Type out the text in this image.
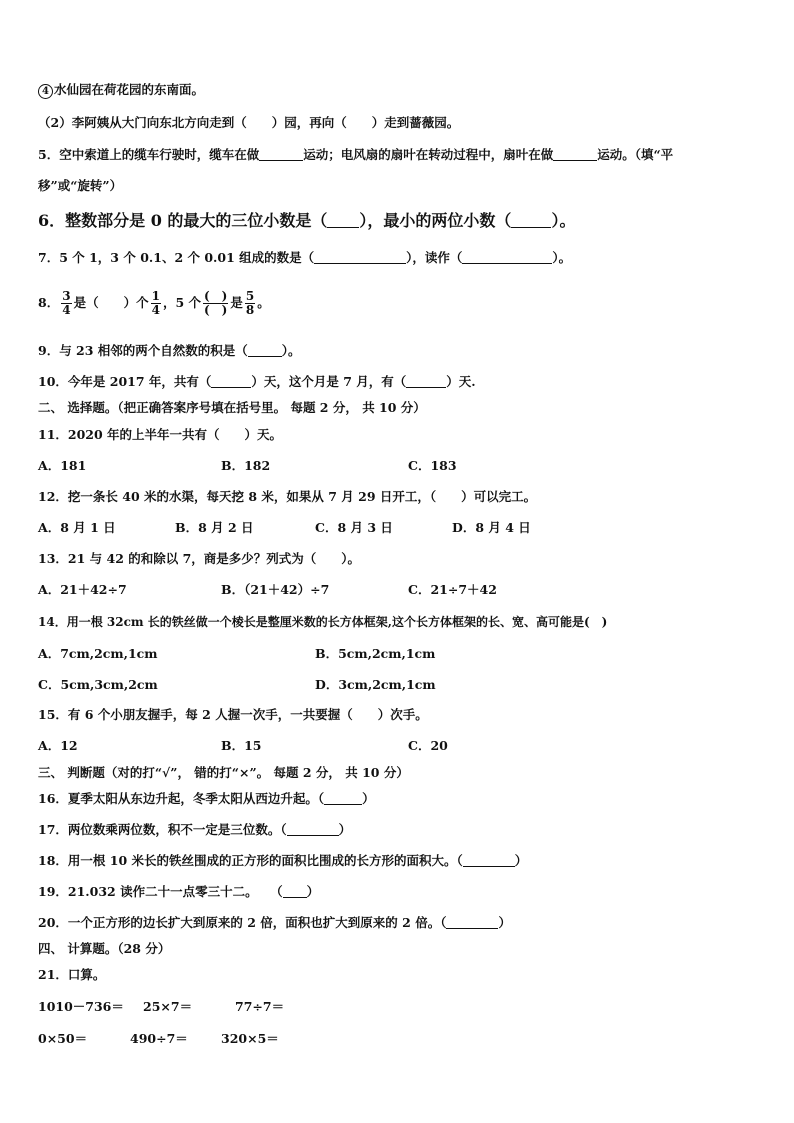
4 水仙园在荷花园的东南面。
（2）李阿姨从大门向东北方向走到（　　）园，再向（　　）走到蔷薇园。
5．空中索道上的缆车行驶时，缆车在做	运动；电风扇的扇叶在转动过程中，扇叶在做	运动。（填“平
移”或“旋转”）
6．整数部分是 0 的最大的三位小数是（ ），最小的两位小数（	）。
7．5 个 1，3 个 0.1、2 个 0.01 组成的数是（	），读作（	）。
8． $\frac{3}{4}$ 是（　　）个 $\frac{1}{4}$ ，5 个 $\frac{( )}{( )}$ 是 $\frac{5}{8}$ 。
9．与 23 相邻的两个自然数的积是（	）。
10．今年是 2017 年，共有（	）天，这个月是 7 月，有（	）天.
二、 选择题。（把正确答案序号填在括号里。 每题 2 分， 共 10 分）
11．2020 年的上半年一共有（　　）天。
A．181	B．182	C．183
12．挖一条长 40 米的水渠，每天挖 8 米，如果从 7 月 29 日开工，（　　）可以完工。
A．8 月 1 日	B．8 月 2 日	C．8 月 3 日	D．8 月 4 日
13．21 与 42 的和除以 7，商是多少？列式为（　　）。
A．21＋42÷7	B．（21＋42）÷7	C．21÷7＋42
14．用一根 32cm 长的铁丝做一个棱长是整厘米数的长方体框架,这个长方体框架的长、宽、高可能是(　)
A．7cm,2cm,1cm	B．5cm,2cm,1cm
C．5cm,3cm,2cm	D．3cm,2cm,1cm
15．有 6 个小朋友握手，每 2 人握一次手，一共要握（　　）次手。
A．12	B．15	C．20
三、 判断题（对的打“√”， 错的打“×”。 每题 2 分， 共 10 分）
16．夏季太阳从东边升起，冬季太阳从西边升起。（	）
17．两位数乘两位数，积不一定是三位数。（	）
18．用一根 10 米长的铁丝围成的正方形的面积比围成的长方形的面积大。（	）
19．21.032 读作二十一点零三十二。　　（ ）
20．一个正方形的边长扩大到原来的 2 倍，面积也扩大到原来的 2 倍。（	）
四、 计算题。（28 分）
21．口算。
1010－736＝ 25×7＝	77÷7＝
0×50＝	490÷7＝	320×5＝
